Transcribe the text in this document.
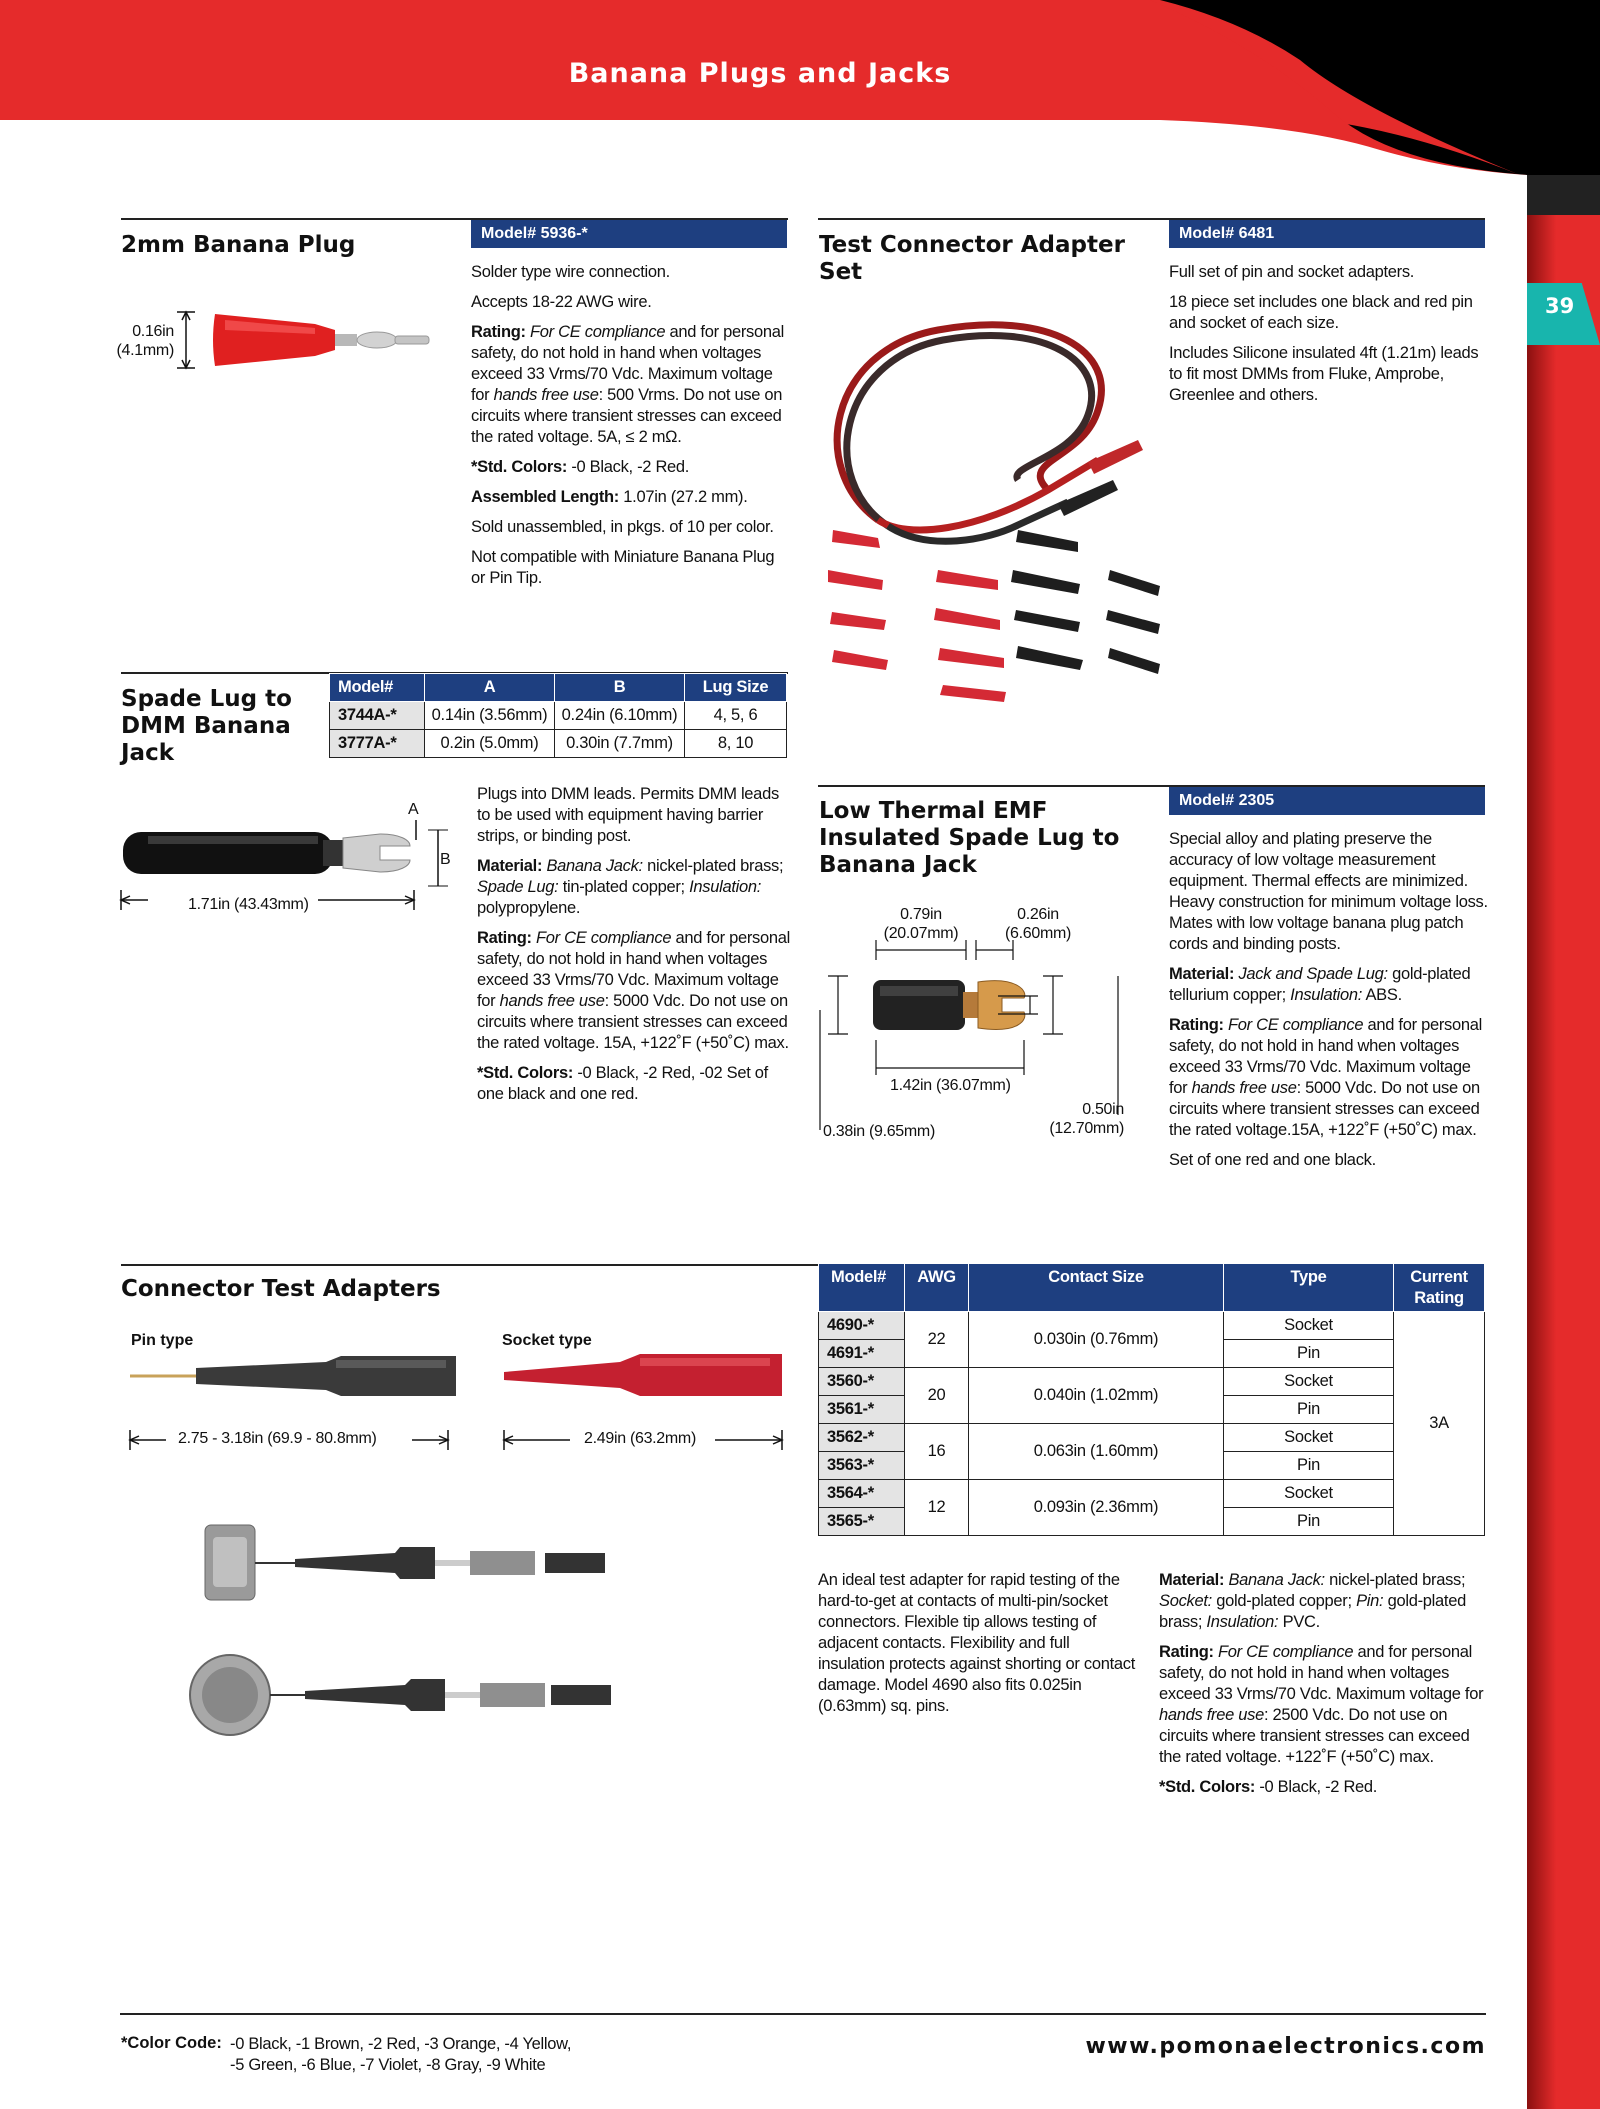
Banana Plugs and Jacks
39
2mm Banana Plug	Model# 5936-*
0.16in
(4.1mm)

Solder type wire connection.

Accepts 18-22 AWG wire.

Rating: For CE compliance and for personal safety, do not hold in hand when voltages exceed 33 Vrms/70 Vdc. Maximum voltage for hands free use: 500 Vrms. Do not use on circuits where transient stresses can exceed the rated voltage. 5A, ≤ 2 mΩ.

*Std. Colors: -0 Black, -2 Red.

Assembled Length: 1.07in (27.2 mm).

Sold unassembled, in pkgs. of 10 per color.

Not compatible with Miniature Banana Plug or Pin Tip.

Test Connector Adapter Set
Model# 6481

Full set of pin and socket adapters.

18 piece set includes one black and red pin and socket of each size.

Includes Silicone insulated 4ft (1.21m) leads to fit most DMMs from Fluke, Amprobe, Greenlee and others.

Spade Lug to DMM Banana Jack
Model#	A	B	Lug Size
3744A-*	0.14in (3.56mm)	0.24in (6.10mm)	4, 5, 6
3777A-*	0.2in (5.0mm)	0.30in (7.7mm)	8, 10
A
B
1.71in (43.43mm)

Plugs into DMM leads. Permits DMM leads to be used with equipment having barrier strips, or binding post.

Material: Banana Jack: nickel-plated brass; Spade Lug: tin-plated copper; Insulation: polypropylene.

Rating: For CE compliance and for personal safety, do not hold in hand when voltages exceed 33 Vrms/70 Vdc. Maximum voltage for hands free use: 5000 Vdc. Do not use on circuits where transient stresses can exceed the rated voltage. 15A, +122˚F (+50˚C) max.

*Std. Colors: -0 Black, -2 Red, -02 Set of one black and one red.

Low Thermal EMF Insulated Spade Lug to Banana Jack
Model# 2305
0.79in
(20.07mm)
0.26in
(6.60mm)
1.42in (36.07mm)
0.50in
(12.70mm)
0.38in (9.65mm)

Special alloy and plating preserve the accuracy of low voltage measurement equipment. Thermal effects are minimized. Heavy construction for minimum voltage loss. Mates with low voltage banana plug patch cords and binding posts.

Material: Jack and Spade Lug: gold-plated tellurium copper; Insulation: ABS.

Rating: For CE compliance and for personal safety, do not hold in hand when voltages exceed 33 Vrms/70 Vdc. Maximum voltage for hands free use: 5000 Vdc. Do not use on circuits where transient stresses can exceed the rated voltage.15A, +122˚F (+50˚C) max.

Set of one red and one black.

Connector Test Adapters
Pin type	Socket type
2.75 - 3.18in (69.9 - 80.8mm)	2.49in (63.2mm)
Model#	AWG	Contact Size	Type	Current Rating
4690-*	22	0.030in (0.76mm)	Socket	3A
4691-*			Pin	
3560-*	20	0.040in (1.02mm)	Socket	
3561-*			Pin	
3562-*	16	0.063in (1.60mm)	Socket	
3563-*			Pin	
3564-*	12	0.093in (2.36mm)	Socket	
3565-*			Pin	

An ideal test adapter for rapid testing of the hard-to-get at contacts of multi-pin/socket connectors. Flexible tip allows testing of adjacent contacts. Flexibility and full insulation protects against shorting or contact damage. Model 4690 also fits 0.025in (0.63mm) sq. pins.

Material: Banana Jack: nickel-plated brass; Socket: gold-plated copper; Pin: gold-plated brass; Insulation: PVC.

Rating: For CE compliance and for personal safety, do not hold in hand when voltages exceed 33 Vrms/70 Vdc. Maximum voltage for hands free use: 2500 Vdc. Do not use on circuits where transient stresses can exceed the rated voltage. +122˚F (+50˚C) max.

*Std. Colors: -0 Black, -2 Red.

*Color Code: -0 Black, -1 Brown, -2 Red, -3 Orange, -4 Yellow,
-5 Green, -6 Blue, -7 Violet, -8 Gray, -9 White
www.pomonaelectronics.com
